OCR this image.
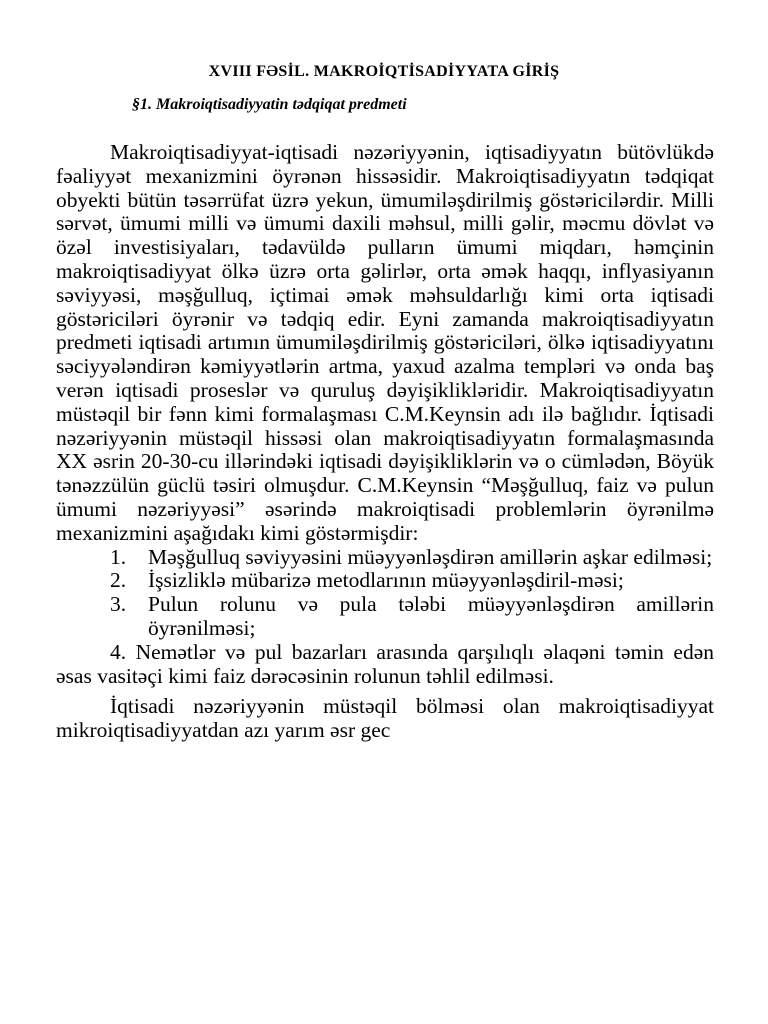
XVIII FƏSİL. MAKROİQTİSADİYYATA GİRİŞ
§1. Makroiqtisadiyyatin tədqiqat predmeti

Makroiqtisadiyyat-iqtisadi nəzəriyyənin, iqtisadiyyatın bütövlükdə fəaliyyət mexanizmini öyrənən hissəsidir. Makroiqtisadiyyatın tədqiqat obyekti bütün təsərrüfat üzrə yekun, ümumiləşdirilmiş göstəricilərdir. Milli sərvət, ümumi milli və ümumi daxili məhsul, milli gəlir, məcmu dövlət və özəl investisiyaları, tədavüldə pulların ümumi miqdarı, həmçinin makroiqtisadiyyat ölkə üzrə orta gəlirlər, orta əmək haqqı, inflyasiyanın səviyyəsi, məşğulluq, içtimai əmək məhsuldarlığı kimi orta iqtisadi göstəriciləri öyrənir və tədqiq edir. Eyni zamanda makroiqtisadiyyatın predmeti iqtisadi artımın ümumiləşdirilmiş göstəriciləri, ölkə iqtisadiyyatını səciyyələndirən kəmiyyətlərin artma, yaxud azalma templəri və onda baş verən iqtisadi proseslər və quruluş dəyişiklikləridir. Makroiqtisadiyyatın müstəqil bir fənn kimi formalaşması C.M.Keynsin adı ilə bağlıdır. İqtisadi nəzəriyyənin müstəqil hissəsi olan makroiqtisadiyyatın formalaşmasında XX əsrin 20-30-cu illərindəki iqtisadi dəyişikliklərin və o cümlədən, Böyük tənəzzülün güclü təsiri olmuşdur. C.M.Keynsin “Məşğulluq, faiz və pulun ümumi nəzəriyyəsi” əsərində makroiqtisadi problemlərin öyrənilmə mexanizmini aşağıdakı kimi göstərmişdir:

1.	Məşğulluq səviyyəsini müəyyənləşdirən amillərin aşkar edilməsi;
2.	İşsizliklə mübarizə metodlarının müəyyənləşdiril-məsi;
3.	Pulun rolunu və pula tələbi müəyyənləşdirən amillərin öyrənilməsi;

4. Nemətlər və pul bazarları arasında qarşılıqlı əlaqəni təmin edən əsas vasitəçi kimi faiz dərəcəsinin rolunun təhlil edilməsi.

İqtisadi nəzəriyyənin müstəqil bölməsi olan makroiqtisadiyyat mikroiqtisadiyyatdan azı yarım əsr gec
